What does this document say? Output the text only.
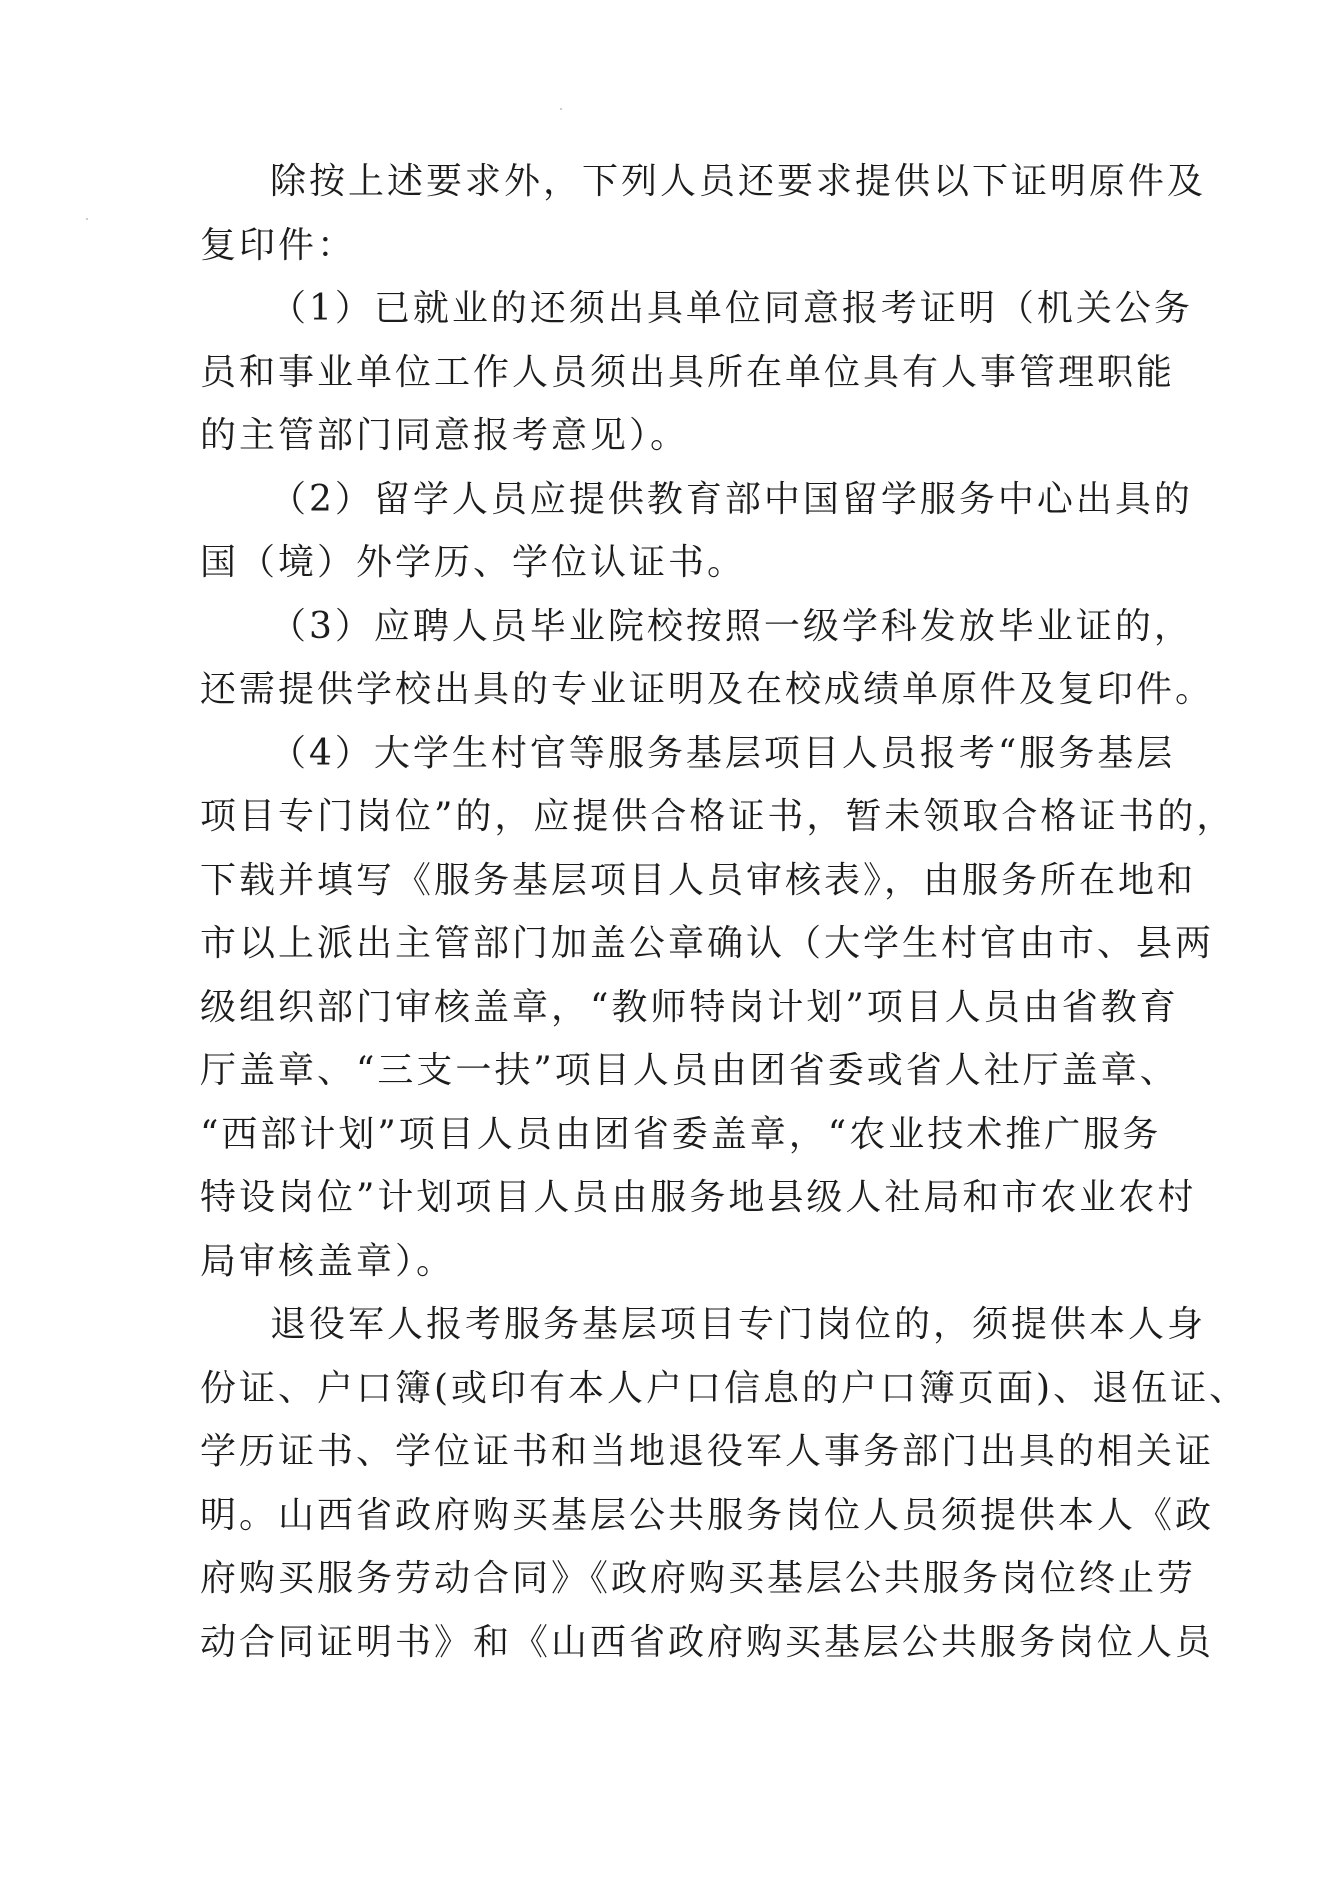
除按上述要求外，下列人员还要求提供以下证明原件及
复印件：
（1）已就业的还须出具单位同意报考证明（机关公务
员和事业单位工作人员须出具所在单位具有人事管理职能
的主管部门同意报考意见）。
（2）留学人员应提供教育部中国留学服务中心出具的
国（境）外学历、学位认证书。
（3）应聘人员毕业院校按照一级学科发放毕业证的，
还需提供学校出具的专业证明及在校成绩单原件及复印件。
（4）大学生村官等服务基层项目人员报考“服务基层
项目专门岗位”的，应提供合格证书，暂未领取合格证书的，
下载并填写《服务基层项目人员审核表》，由服务所在地和
市以上派出主管部门加盖公章确认（大学生村官由市、县两
级组织部门审核盖章，“教师特岗计划”项目人员由省教育
厅盖章、“三支一扶”项目人员由团省委或省人社厅盖章、
“西部计划”项目人员由团省委盖章，“农业技术推广服务
特设岗位”计划项目人员由服务地县级人社局和市农业农村
局审核盖章）。
退役军人报考服务基层项目专门岗位的，须提供本人身
份证、户口簿(或印有本人户口信息的户口簿页面)、退伍证、
学历证书、学位证书和当地退役军人事务部门出具的相关证
明。山西省政府购买基层公共服务岗位人员须提供本人《政
府购买服务劳动合同》《政府购买基层公共服务岗位终止劳
动合同证明书》和《山西省政府购买基层公共服务岗位人员
